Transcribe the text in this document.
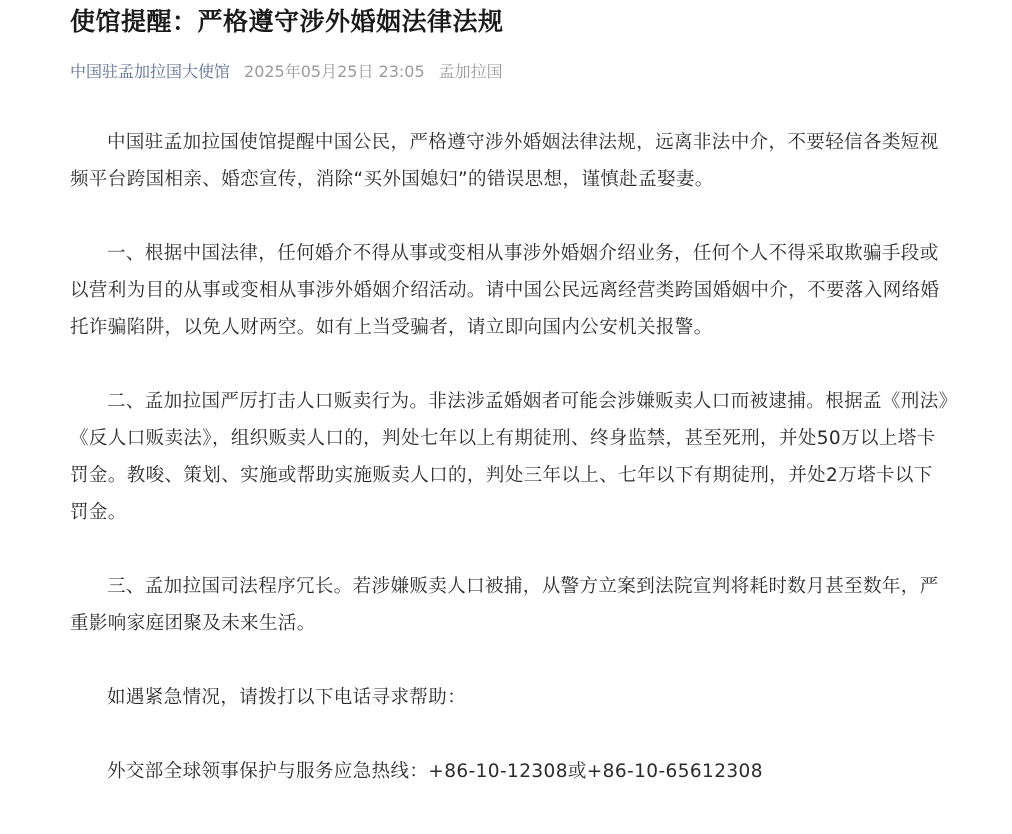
使馆提醒：严格遵守涉外婚姻法律法规
中国驻孟加拉国大使馆 2025年05月25日 23:05 孟加拉国

中国驻孟加拉国使馆提醒中国公民，严格遵守涉外婚姻法律法规，远离非法中介，不要轻信各类短视频平台跨国相亲、婚恋宣传，消除“买外国媳妇”的错误思想，谨慎赴孟娶妻。

一、根据中国法律，任何婚介不得从事或变相从事涉外婚姻介绍业务，任何个人不得采取欺骗手段或以营利为目的从事或变相从事涉外婚姻介绍活动。请中国公民远离经营类跨国婚姻中介，不要落入网络婚托诈骗陷阱，以免人财两空。如有上当受骗者，请立即向国内公安机关报警。

二、孟加拉国严厉打击人口贩卖行为。非法涉孟婚姻者可能会涉嫌贩卖人口而被逮捕。根据孟《刑法》《反人口贩卖法》，组织贩卖人口的，判处七年以上有期徒刑、终身监禁，甚至死刑，并处50万以上塔卡罚金。教唆、策划、实施或帮助实施贩卖人口的，判处三年以上、七年以下有期徒刑，并处2万塔卡以下罚金。

三、孟加拉国司法程序冗长。若涉嫌贩卖人口被捕，从警方立案到法院宣判将耗时数月甚至数年，严重影响家庭团聚及未来生活。

如遇紧急情况，请拨打以下电话寻求帮助：

外交部全球领事保护与服务应急热线：+86-10-12308或+86-10-65612308
